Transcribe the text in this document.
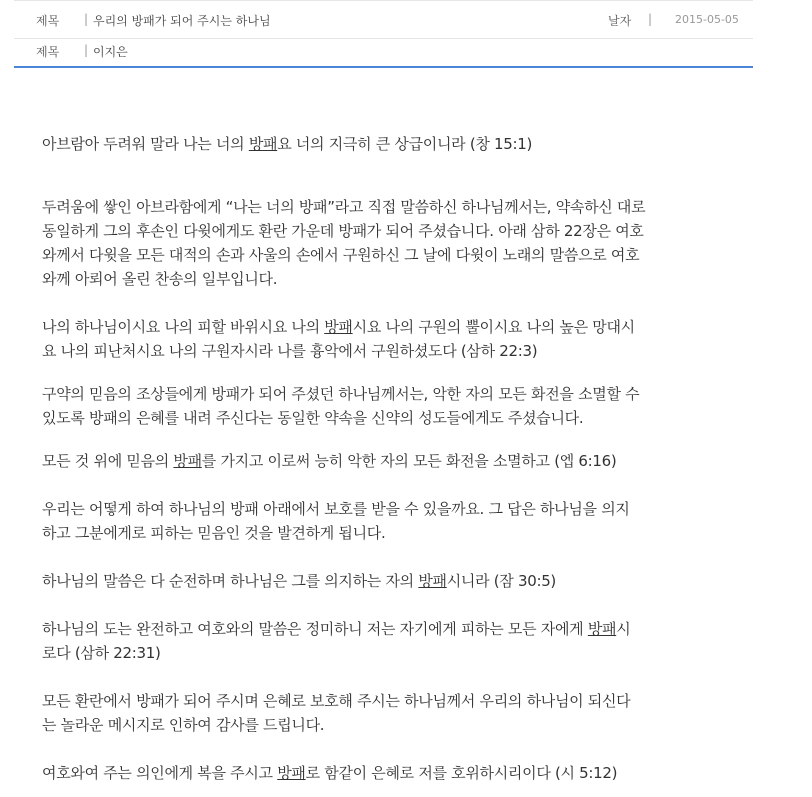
제목 | 우리의 방패가 되어 주시는 하나님	날자 | 2015-05-05
제목 | 이지은

아브람아 두려워 말라 나는 너의 방패요 너의 지극히 큰 상급이니라 (창 15:1)

두려움에 쌓인 아브라함에게 “나는 너의 방패”라고 직접 말씀하신 하나님께서는, 약속하신 대로
동일하게 그의 후손인 다윗에게도 환란 가운데 방패가 되어 주셨습니다. 아래 삼하 22장은 여호
와께서 다윗을 모든 대적의 손과 사울의 손에서 구원하신 그 날에 다윗이 노래의 말씀으로 여호
와께 아뢰어 올린 찬송의 일부입니다.

나의 하나님이시요 나의 피할 바위시요 나의 방패시요 나의 구원의 뿔이시요 나의 높은 망대시
요 나의 피난처시요 나의 구원자시라 나를 흉악에서 구원하셨도다 (삼하 22:3)

구약의 믿음의 조상들에게 방패가 되어 주셨던 하나님께서는, 악한 자의 모든 화전을 소멸할 수
있도록 방패의 은혜를 내려 주신다는 동일한 약속을 신약의 성도들에게도 주셨습니다.

모든 것 위에 믿음의 방패를 가지고 이로써 능히 악한 자의 모든 화전을 소멸하고 (엡 6:16)

우리는 어떻게 하여 하나님의 방패 아래에서 보호를 받을 수 있을까요. 그 답은 하나님을 의지
하고 그분에게로 피하는 믿음인 것을 발견하게 됩니다.

하나님의 말씀은 다 순전하며 하나님은 그를 의지하는 자의 방패시니라 (잠 30:5)

하나님의 도는 완전하고 여호와의 말씀은 정미하니 저는 자기에게 피하는 모든 자에게 방패시
로다 (삼하 22:31)

모든 환란에서 방패가 되어 주시며 은혜로 보호해 주시는 하나님께서 우리의 하나님이 되신다
는 놀라운 메시지로 인하여 감사를 드립니다.

여호와여 주는 의인에게 복을 주시고 방패로 함같이 은혜로 저를 호위하시리이다 (시 5:12)
